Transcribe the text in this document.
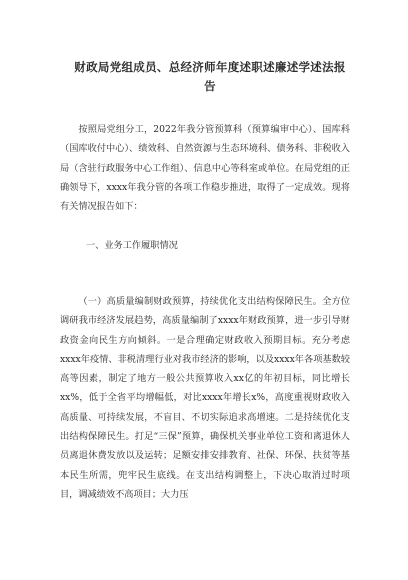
财政局党组成员、总经济师年度述职述廉述学述法报
告

按照局党组分工，2022年我分管预算科（预算编审中心）、国库科（国库收付中心）、绩效科、自然资源与生态环境科、债务科、非税收入局（含驻行政服务中心工作组）、信息中心等科室或单位。在局党组的正确领导下，xxxx年我分管的各项工作稳步推进，取得了一定成效。现将有关情况报告如下：

一、业务工作履职情况

（一）高质量编制财政预算，持续优化支出结构保障民生。全方位调研我市经济发展趋势，高质量编制了xxxx年财政预算，进一步引导财政资金向民生方向倾斜。一是合理确定财政收入预期目标。充分考虑xxxx年疫情、非税清理行业对我市经济的影响，以及xxxx年各项基数较高等因素，制定了地方一般公共预算收入xx亿的年初目标，同比增长xx%，低于全省平均增幅低，对比xxxx年增长x%，高度重视财政收入高质量、可持续发展，不盲目、不切实际追求高增速。二是持续优化支出结构保障民生。打足“三保”预算，确保机关事业单位工资和离退休人员离退休费发放以及运转；足额安排安排教育、社保、环保、扶贫等基本民生所需，兜牢民生底线。在支出结构调整上，下决心取消过时项目，调减绩效不高项目；大力压
